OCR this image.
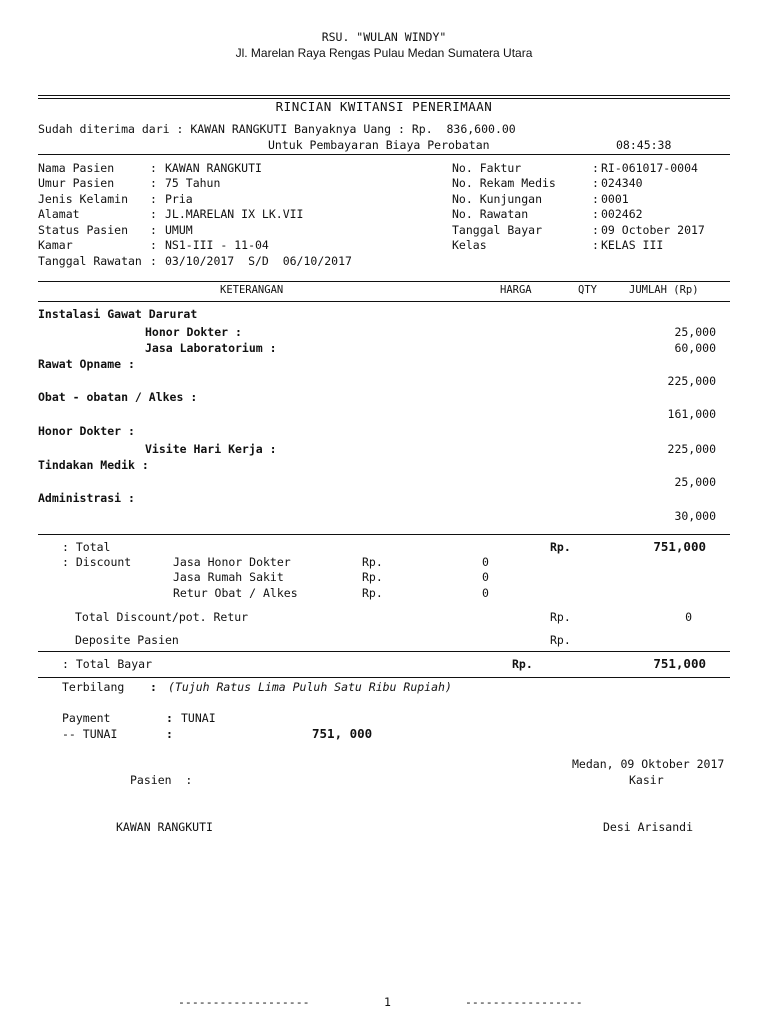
RSU. "WULAN WINDY"
Jl. Marelan Raya Rengas Pulau Medan Sumatera Utara
RINCIAN KWITANSI PENERIMAAN
Sudah diterima dari : KAWAN RANGKUTI Banyaknya Uang : Rp.  836,600.00
Untuk Pembayaran Biaya Perobatan	08:45:38
Nama Pasien	: KAWAN RANGKUTI
Umur Pasien	: 75 Tahun
Jenis Kelamin : Pria
Alamat	: JL.MARELAN IX LK.VII
Status Pasien : UMUM
Kamar	: NS1-III - 11-04
Tanggal Rawatan : 03/10/2017  S/D  06/10/2017
No. Faktur	: RI-061017-0004
No. Rekam Medis	: 024340
No. Kunjungan	: 0001
No. Rawatan	: 002462
Tanggal Bayar	: 09 October 2017
Kelas	: KELAS III
KETERANGAN	HARGA	QTY	JUMLAH (Rp)
Instalasi Gawat Darurat
Honor Dokter :	25,000
Jasa Laboratorium :	60,000
Rawat Opname :
225,000
Obat - obatan / Alkes :
161,000
Honor Dokter :
Visite Hari Kerja :	225,000
Tindakan Medik :
25,000
Administrasi :
30,000
: Total	Rp.	751,000
: Discount	Jasa Honor Dokter	Rp.	0
Jasa Rumah Sakit	Rp.	0
Retur Obat / Alkes	Rp.	0
Total Discount/pot. Retur	Rp.	0
Deposite Pasien	Rp.
: Total Bayar	Rp.	751,000
Terbilang : (Tujuh Ratus Lima Puluh Satu Ribu Rupiah)
Payment	: TUNAI
-- TUNAI	:	751, 000
Medan, 09 Oktober 2017
Kasir
Pasien  :
KAWAN RANGKUTI	Desi Arisandi
-------------------	1	-----------------
